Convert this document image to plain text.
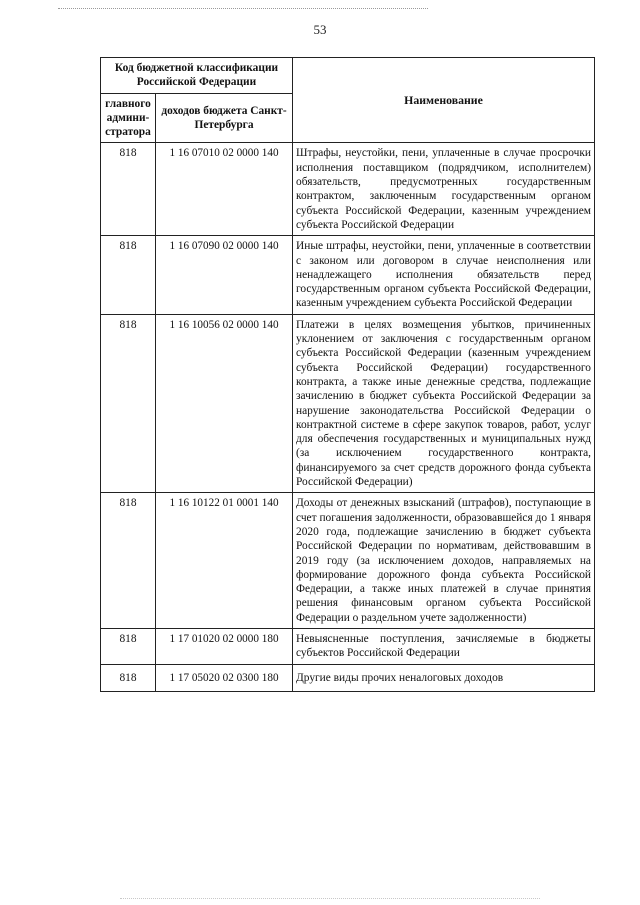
53
Код бюджетной классификации Российской Федерации		Наименование
главного админи-стратора	доходов бюджета Санкт-Петербурга	
818	1 16 07010 02 0000 140	Штрафы, неустойки, пени, уплаченные в случае просрочки исполнения поставщиком (подрядчиком, исполнителем) обязательств, предусмотренных государственным контрактом, заключенным государственным органом субъекта Российской Федерации, казенным учреждением субъекта Российской Федерации
818	1 16 07090 02 0000 140	Иные штрафы, неустойки, пени, уплаченные в соответствии с законом или договором в случае неисполнения или ненадлежащего исполнения обязательств перед государственным органом субъекта Российской Федерации, казенным учреждением субъекта Российской Федерации
818	1 16 10056 02 0000 140	Платежи в целях возмещения убытков, причиненных уклонением от заключения с государственным органом субъекта Российской Федерации (казенным учреждением субъекта Российской Федерации) государственного контракта, а также иные денежные средства, подлежащие зачислению в бюджет субъекта Российской Федерации за нарушение законодательства Российской Федерации о контрактной системе в сфере закупок товаров, работ, услуг для обеспечения государственных и муниципальных нужд (за исключением государственного контракта, финансируемого за счет средств дорожного фонда субъекта Российской Федерации)
818	1 16 10122 01 0001 140	Доходы от денежных взысканий (штрафов), поступающие в счет погашения задолженности, образовавшейся до 1 января 2020 года, подлежащие зачислению в бюджет субъекта Российской Федерации по нормативам, действовавшим в 2019 году (за исключением доходов, направляемых на формирование дорожного фонда субъекта Российской Федерации, а также иных платежей в случае принятия решения финансовым органом субъекта Российской Федерации о раздельном учете задолженности)
818	1 17 01020 02 0000 180	Невыясненные поступления, зачисляемые в бюджеты субъектов Российской Федерации
818	1 17 05020 02 0300 180	Другие виды прочих неналоговых доходов
